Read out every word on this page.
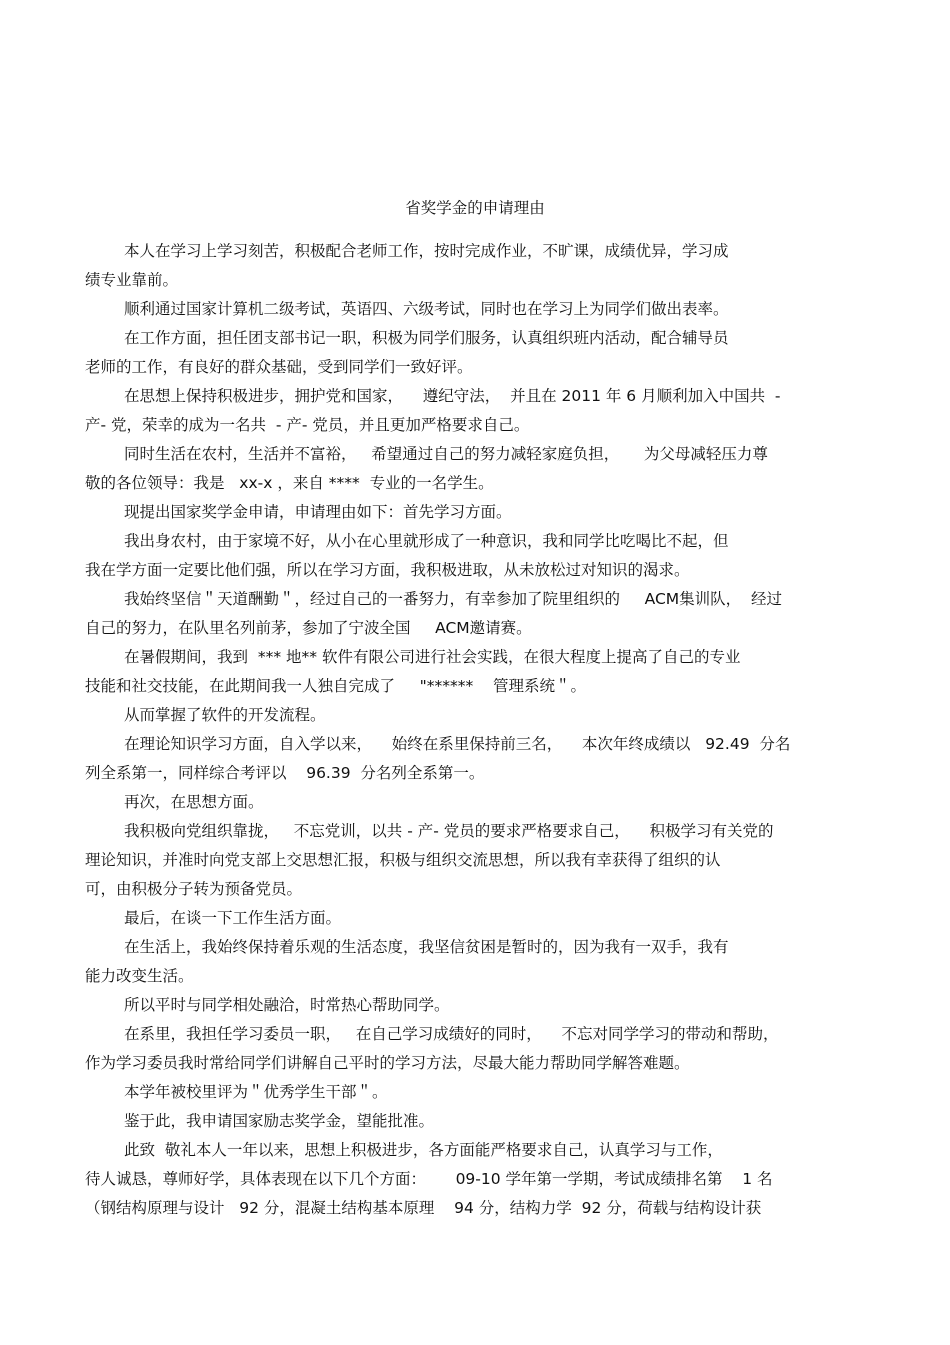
省奖学金的申请理由
本人在学习上学习刻苦，积极配合老师工作，按时完成作业，不旷课，成绩优异，学习成
绩专业靠前。
顺利通过国家计算机二级考试，英语四、六级考试，同时也在学习上为同学们做出表率。
在工作方面，担任团支部书记一职，积极为同学们服务，认真组织班内活动，配合辅导员
老师的工作，有良好的群众基础，受到同学们一致好评。
在思想上保持积极进步，拥护党和国家，    遵纪守法，  并且在 2011 年 6 月顺利加入中国共  -
产- 党，荣幸的成为一名共  - 产- 党员，并且更加严格要求自己。
同时生活在农村，生活并不富裕，   希望通过自己的努力减轻家庭负担，     为父母减轻压力尊
敬的各位领导：我是   xx-x ，来自 ****  专业的一名学生。
现提出国家奖学金申请，申请理由如下：首先学习方面。
我出身农村，由于家境不好，从小在心里就形成了一种意识，我和同学比吃喝比不起，但
我在学方面一定要比他们强，所以在学习方面，我积极进取，从未放松过对知识的渴求。
我始终坚信＂天道酬勤＂，经过自己的一番努力，有幸参加了院里组织的     ACM集训队，  经过
自己的努力，在队里名列前茅，参加了宁波全国     ACM邀请赛。
在暑假期间，我到  *** 地** 软件有限公司进行社会实践，在很大程度上提高了自己的专业
技能和社交技能，在此期间我一人独自完成了     "******    管理系统＂。
从而掌握了软件的开发流程。
在理论知识学习方面，自入学以来，    始终在系里保持前三名，    本次年终成绩以   92.49  分名
列全系第一，同样综合考评以    96.39  分名列全系第一。
再次，在思想方面。
我积极向党组织靠拢，   不忘党训，以共 - 产- 党员的要求严格要求自己，    积极学习有关党的
理论知识，并准时向党支部上交思想汇报，积极与组织交流思想，所以我有幸获得了组织的认
可，由积极分子转为预备党员。
最后，在谈一下工作生活方面。
在生活上，我始终保持着乐观的生活态度，我坚信贫困是暂时的，因为我有一双手，我有
能力改变生活。
所以平时与同学相处融洽，时常热心帮助同学。
在系里，我担任学习委员一职，   在自己学习成绩好的同时，    不忘对同学学习的带动和帮助，
作为学习委员我时常给同学们讲解自己平时的学习方法，尽最大能力帮助同学解答难题。
本学年被校里评为＂优秀学生干部＂。
鉴于此，我申请国家励志奖学金，望能批准。
此致  敬礼本人一年以来，思想上积极进步，各方面能严格要求自己，认真学习与工作，
待人诚恳，尊师好学，具体表现在以下几个方面：      09-10 学年第一学期，考试成绩排名第    1 名
（钢结构原理与设计   92 分，混凝土结构基本原理    94 分，结构力学  92 分，荷载与结构设计获
